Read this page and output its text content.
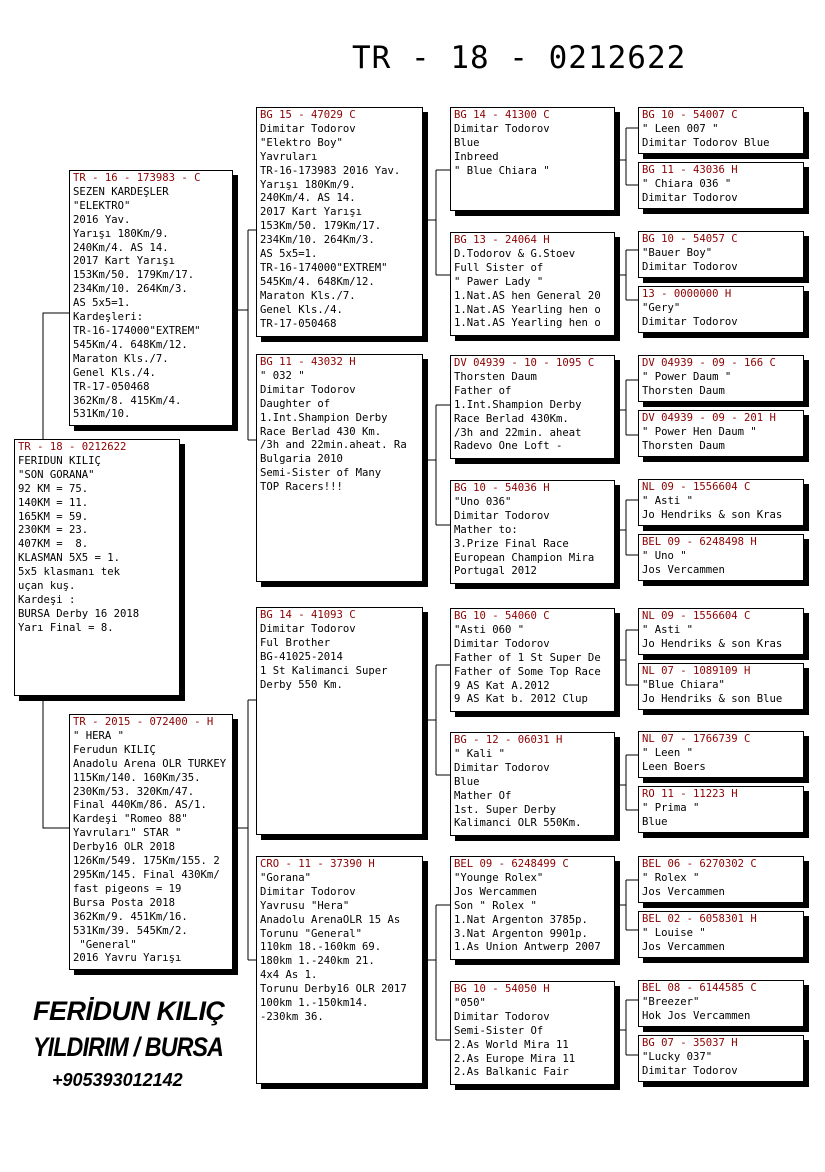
TR - 18 - 0212622
TR - 18 - 0212622
FERIDUN KILIÇ
"SON GORANA"
92 KM = 75.
140KM = 11.
165KM = 59.
230KM = 23.
407KM =  8.
KLASMAN 5X5 = 1.
5x5 klasmanı tek
uçan kuş.
Kardeşi :
BURSA Derby 16 2018
Yarı Final = 8.
TR - 16 - 173983 - C
SEZEN KARDEŞLER
"ELEKTRO"
2016 Yav.
Yarışı 180Km/9.
240Km/4. AS 14.
2017 Kart Yarışı
153Km/50. 179Km/17.
234Km/10. 264Km/3.
AS 5x5=1.
Kardeşleri:
TR-16-174000"EXTREM"
545Km/4. 648Km/12.
Maraton Kls./7.
Genel Kls./4.
TR-17-050468
362Km/8. 415Km/4.
531Km/10.
TR - 2015 - 072400 - H
" HERA "
Ferudun KILIÇ
Anadolu Arena OLR TURKEY
115Km/140. 160Km/35.
230Km/53. 320Km/47.
Final 440Km/86. AS/1.
Kardeşi "Romeo 88"
Yavruları" STAR "
Derby16 OLR 2018
126Km/549. 175Km/155. 2
295Km/145. Final 430Km/
fast pigeons = 19
Bursa Posta 2018
362Km/9. 451Km/16.
531Km/39. 545Km/2.
"General"
2016 Yavru Yarışı
BG 15 - 47029 C
Dimitar Todorov
"Elektro Boy"
Yavruları
TR-16-173983 2016 Yav.
Yarışı 180Km/9.
240Km/4. AS 14.
2017 Kart Yarışı
153Km/50. 179Km/17.
234Km/10. 264Km/3.
AS 5x5=1.
TR-16-174000"EXTREM"
545Km/4. 648Km/12.
Maraton Kls./7.
Genel Kls./4.
TR-17-050468
BG 11 - 43032 H
" 032 "
Dimitar Todorov
Daughter of
1.Int.Shampion Derby
Race Berlad 430 Km.
/3h and 22min.aheat. Ra
Bulgaria 2010
Semi-Sister of Many
TOP Racers!!!
BG 14 - 41093 C
Dimitar Todorov
Ful Brother
BG-41025-2014
1 St Kalimanci Super
Derby 550 Km.
CRO - 11 - 37390 H
"Gorana"
Dimitar Todorov
Yavrusu "Hera"
Anadolu ArenaOLR 15 As
Torunu "General"
110km 18.-160km 69.
180km 1.-240km 21.
4x4 As 1.
Torunu Derby16 OLR 2017
100km 1.-150km14.
-230km 36.
BG 14 - 41300 C
Dimitar Todorov
Blue
Inbreed
" Blue Chiara "
BG 13 - 24064 H
D.Todorov & G.Stoev
Full Sister of
" Pawer Lady "
1.Nat.AS hen General 20
1.Nat.AS Yearling hen o
1.Nat.AS Yearling hen o
DV 04939 - 10 - 1095 C
Thorsten Daum
Father of
1.Int.Shampion Derby
Race Berlad 430Km.
/3h and 22min. aheat
Radevo One Loft -
BG 10 - 54036 H
"Uno 036"
Dimitar Todorov
Mather to:
3.Prize Final Race
European Champion Mira
Portugal 2012
BG 10 - 54060 C
"Asti 060 "
Dimitar Todorov
Father of 1 St Super De
Father of Some Top Race
9 AS Kat A.2012
9 AS Kat b. 2012 Clup
BG - 12 - 06031 H
" Kali "
Dimitar Todorov
Blue
Mather Of
1st. Super Derby
Kalimanci OLR 550Km.
BEL 09 - 6248499 C
"Younge Rolex"
Jos Wercammen
Son " Rolex "
1.Nat Argenton 3785p.
3.Nat Argenton 9901p.
1.As Union Antwerp 2007
BG 10 - 54050 H
"050"
Dimitar Todorov
Semi-Sister Of
2.As World Mira 11
2.As Europe Mira 11
2.As Balkanic Fair
BG 10 - 54007 C
" Leen 007 "
Dimitar Todorov Blue
BG 11 - 43036 H
" Chiara 036 "
Dimitar Todorov
BG 10 - 54057 C
"Bauer Boy"
Dimitar Todorov
13 - 0000000 H
"Gery"
Dimitar Todorov
DV 04939 - 09 - 166 C
" Power Daum "
Thorsten Daum
DV 04939 - 09 - 201 H
" Power Hen Daum "
Thorsten Daum
NL 09 - 1556604 C
" Asti "
Jo Hendriks & son Kras
BEL 09 - 6248498 H
" Uno "
Jos Vercammen
NL 09 - 1556604 C
" Asti "
Jo Hendriks & son Kras
NL 07 - 1089109 H
"Blue Chiara"
Jo Hendriks & son Blue
NL 07 - 1766739 C
" Leen "
Leen Boers
RO 11 - 11223 H
" Prima "
Blue
BEL 06 - 6270302 C
" Rolex "
Jos Vercammen
BEL 02 - 6058301 H
" Louise "
Jos Vercammen
BEL 08 - 6144585 C
"Breezer"
Hok Jos Vercammen
BG 07 - 35037 H
"Lucky 037"
Dimitar Todorov
FERİDUN KILIÇ
YILDIRIM / BURSA
+905393012142
